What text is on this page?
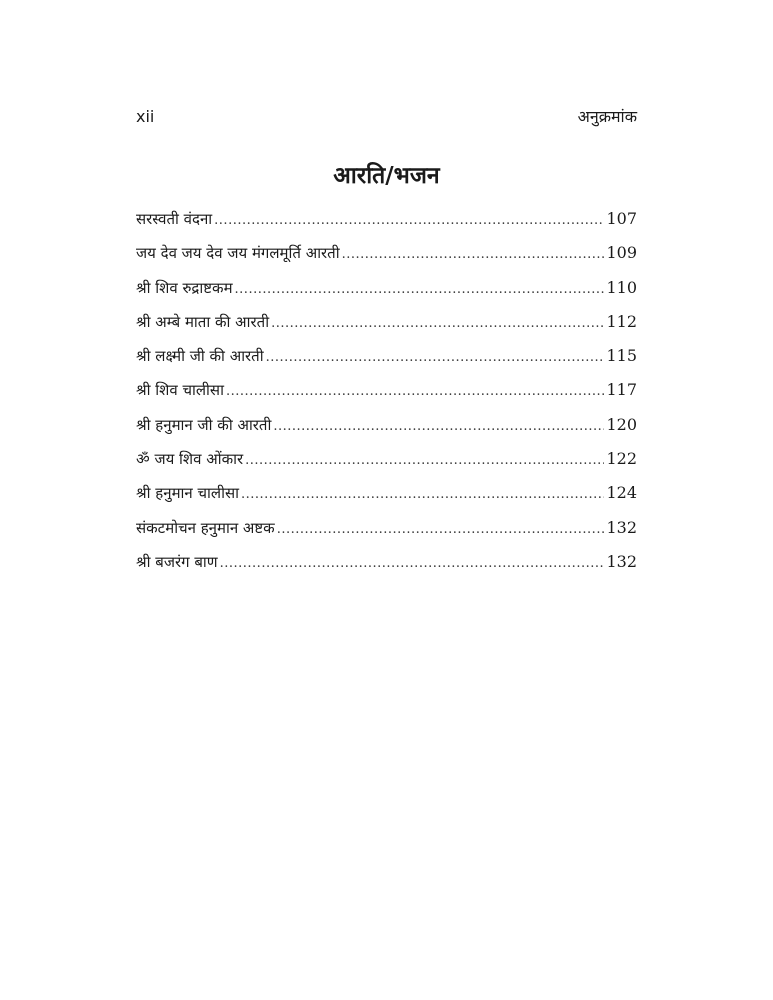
xii	अनुक्रमांक
आरति/भजन
सरस्वती वंदना .....	107
जय देव जय देव जय मंगलमूर्ति आरती .....	109
श्री शिव रुद्राष्टकम .....	110
श्री अम्बे माता की आरती .....	112
श्री लक्ष्मी जी की आरती .....	115
श्री शिव चालीसा .....	117
श्री हनुमान जी की आरती .....	120
ॐ जय शिव ओंकार .....	122
श्री हनुमान चालीसा .....	124
संकटमोचन हनुमान अष्टक .....	132
श्री बजरंग बाण .....	132
